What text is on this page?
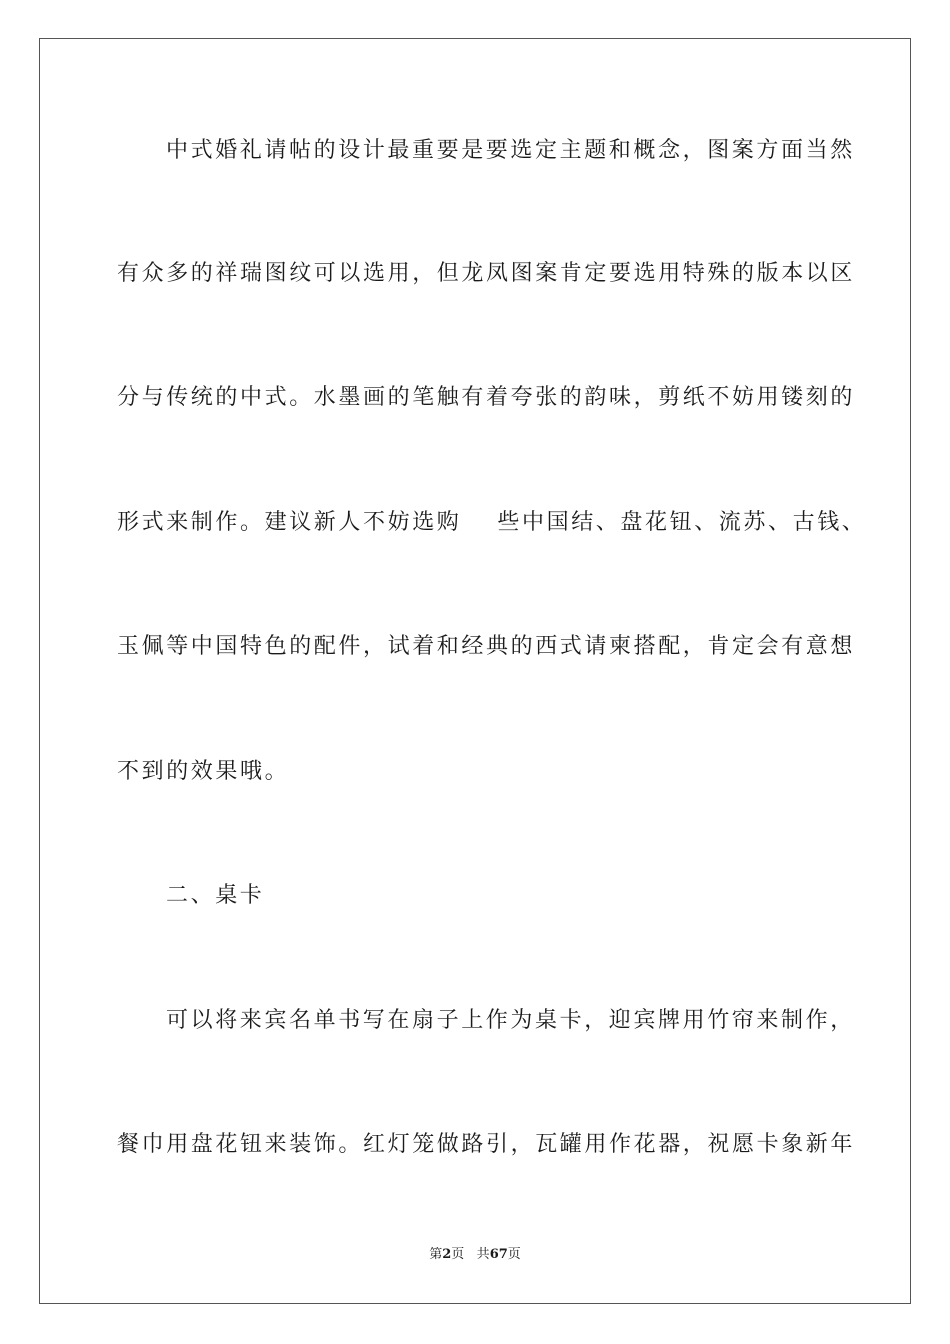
中式婚礼请帖的设计最重要是要选定主题和概念，图案方面当然
有众多的祥瑞图纹可以选用，但龙凤图案肯定要选用特殊的版本以区
分与传统的中式。水墨画的笔触有着夸张的韵味，剪纸不妨用镂刻的
形式来制作。建议新人不妨选购 些中国结、盘花钮、流苏、古钱、
玉佩等中国特色的配件，试着和经典的西式请柬搭配，肯定会有意想
不到的效果哦。
二、桌卡
可以将来宾名单书写在扇子上作为桌卡，迎宾牌用竹帘来制作，
餐巾用盘花钮来装饰。红灯笼做路引，瓦罐用作花器，祝愿卡象新年
第2页 共67页
